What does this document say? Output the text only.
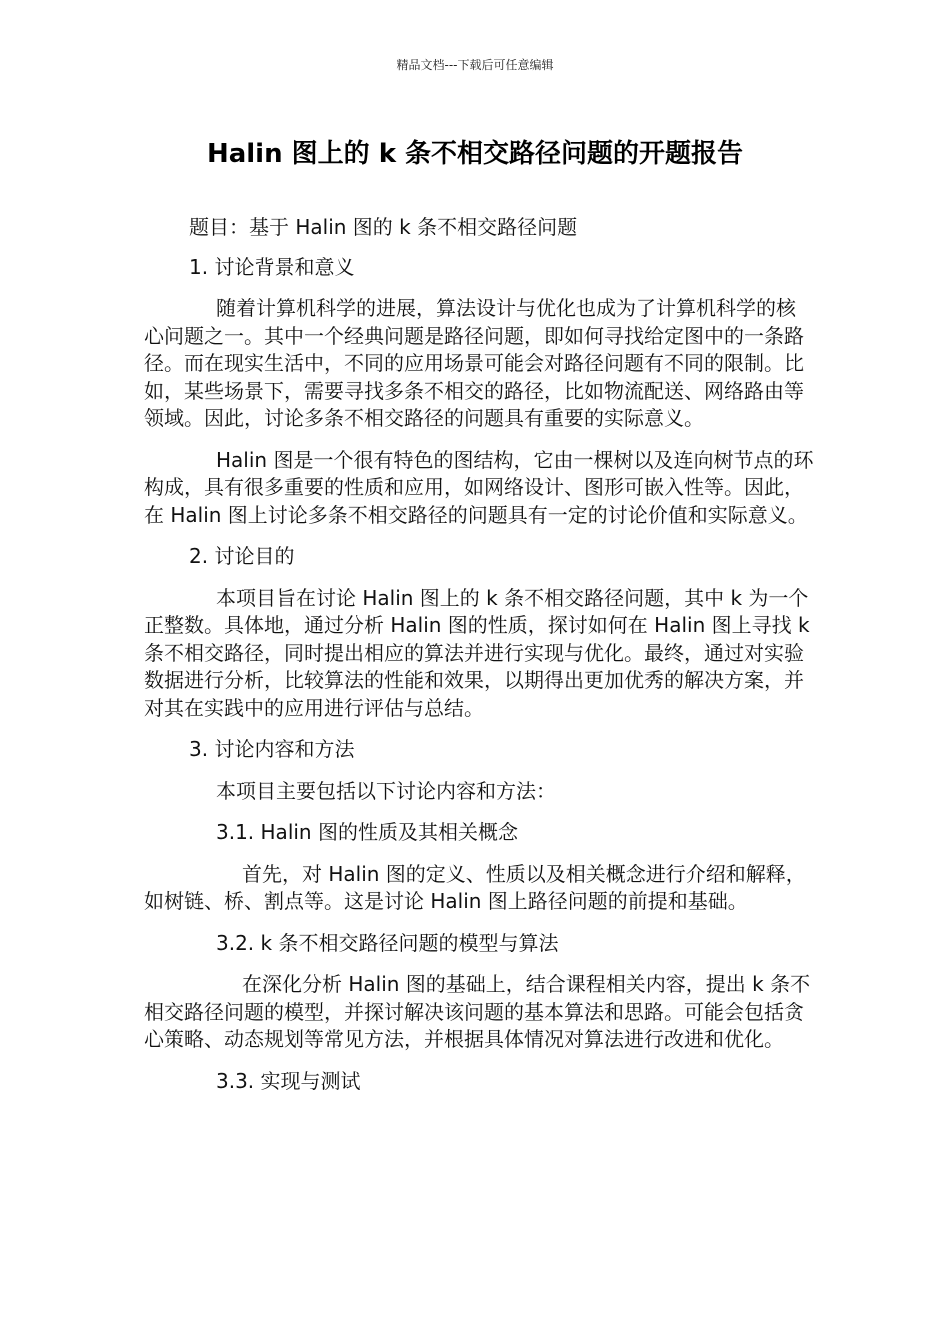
精品文档---下载后可任意编辑
Halin 图上的 k 条不相交路径问题的开题报告

题目：基于 Halin 图的 k 条不相交路径问题

1. 讨论背景和意义

随着计算机科学的进展，算法设计与优化也成为了计算机科学的核心问题之一。其中一个经典问题是路径问题，即如何寻找给定图中的一条路径。而在现实生活中，不同的应用场景可能会对路径问题有不同的限制。比如，某些场景下，需要寻找多条不相交的路径，比如物流配送、网络路由等领域。因此，讨论多条不相交路径的问题具有重要的实际意义。

Halin 图是一个很有特色的图结构，它由一棵树以及连向树节点的环构成，具有很多重要的性质和应用，如网络设计、图形可嵌入性等。因此，在 Halin 图上讨论多条不相交路径的问题具有一定的讨论价值和实际意义。

2. 讨论目的

本项目旨在讨论 Halin 图上的 k 条不相交路径问题，其中 k 为一个正整数。具体地，通过分析 Halin 图的性质，探讨如何在 Halin 图上寻找 k 条不相交路径，同时提出相应的算法并进行实现与优化。最终，通过对实验数据进行分析，比较算法的性能和效果，以期得出更加优秀的解决方案，并对其在实践中的应用进行评估与总结。

3. 讨论内容和方法

本项目主要包括以下讨论内容和方法：

3.1. Halin 图的性质及其相关概念

首先，对 Halin 图的定义、性质以及相关概念进行介绍和解释，如树链、桥、割点等。这是讨论 Halin 图上路径问题的前提和基础。

3.2. k 条不相交路径问题的模型与算法

在深化分析 Halin 图的基础上，结合课程相关内容，提出 k 条不相交路径问题的模型，并探讨解决该问题的基本算法和思路。可能会包括贪心策略、动态规划等常见方法，并根据具体情况对算法进行改进和优化。

3.3. 实现与测试
